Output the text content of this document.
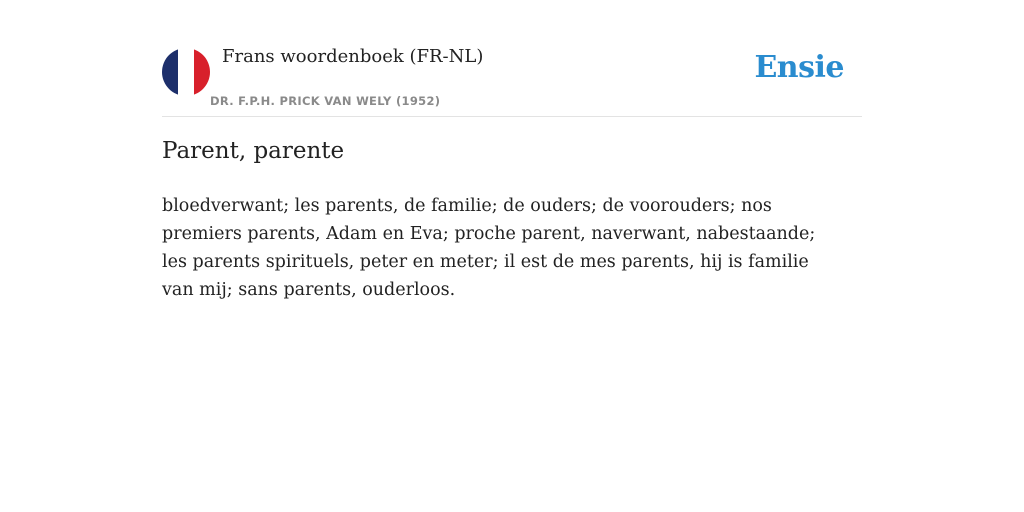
Frans woordenboek (FR-NL)
DR. F.P.H. PRICK VAN WELY (1952)
Ensie
Parent, parente

bloedverwant; les parents, de familie; de ouders; de voorouders; nos premiers parents, Adam en Eva; proche parent, naverwant, nabestaande; les parents spirituels, peter en meter; il est de mes parents, hij is familie van mij; sans parents, ouderloos.
